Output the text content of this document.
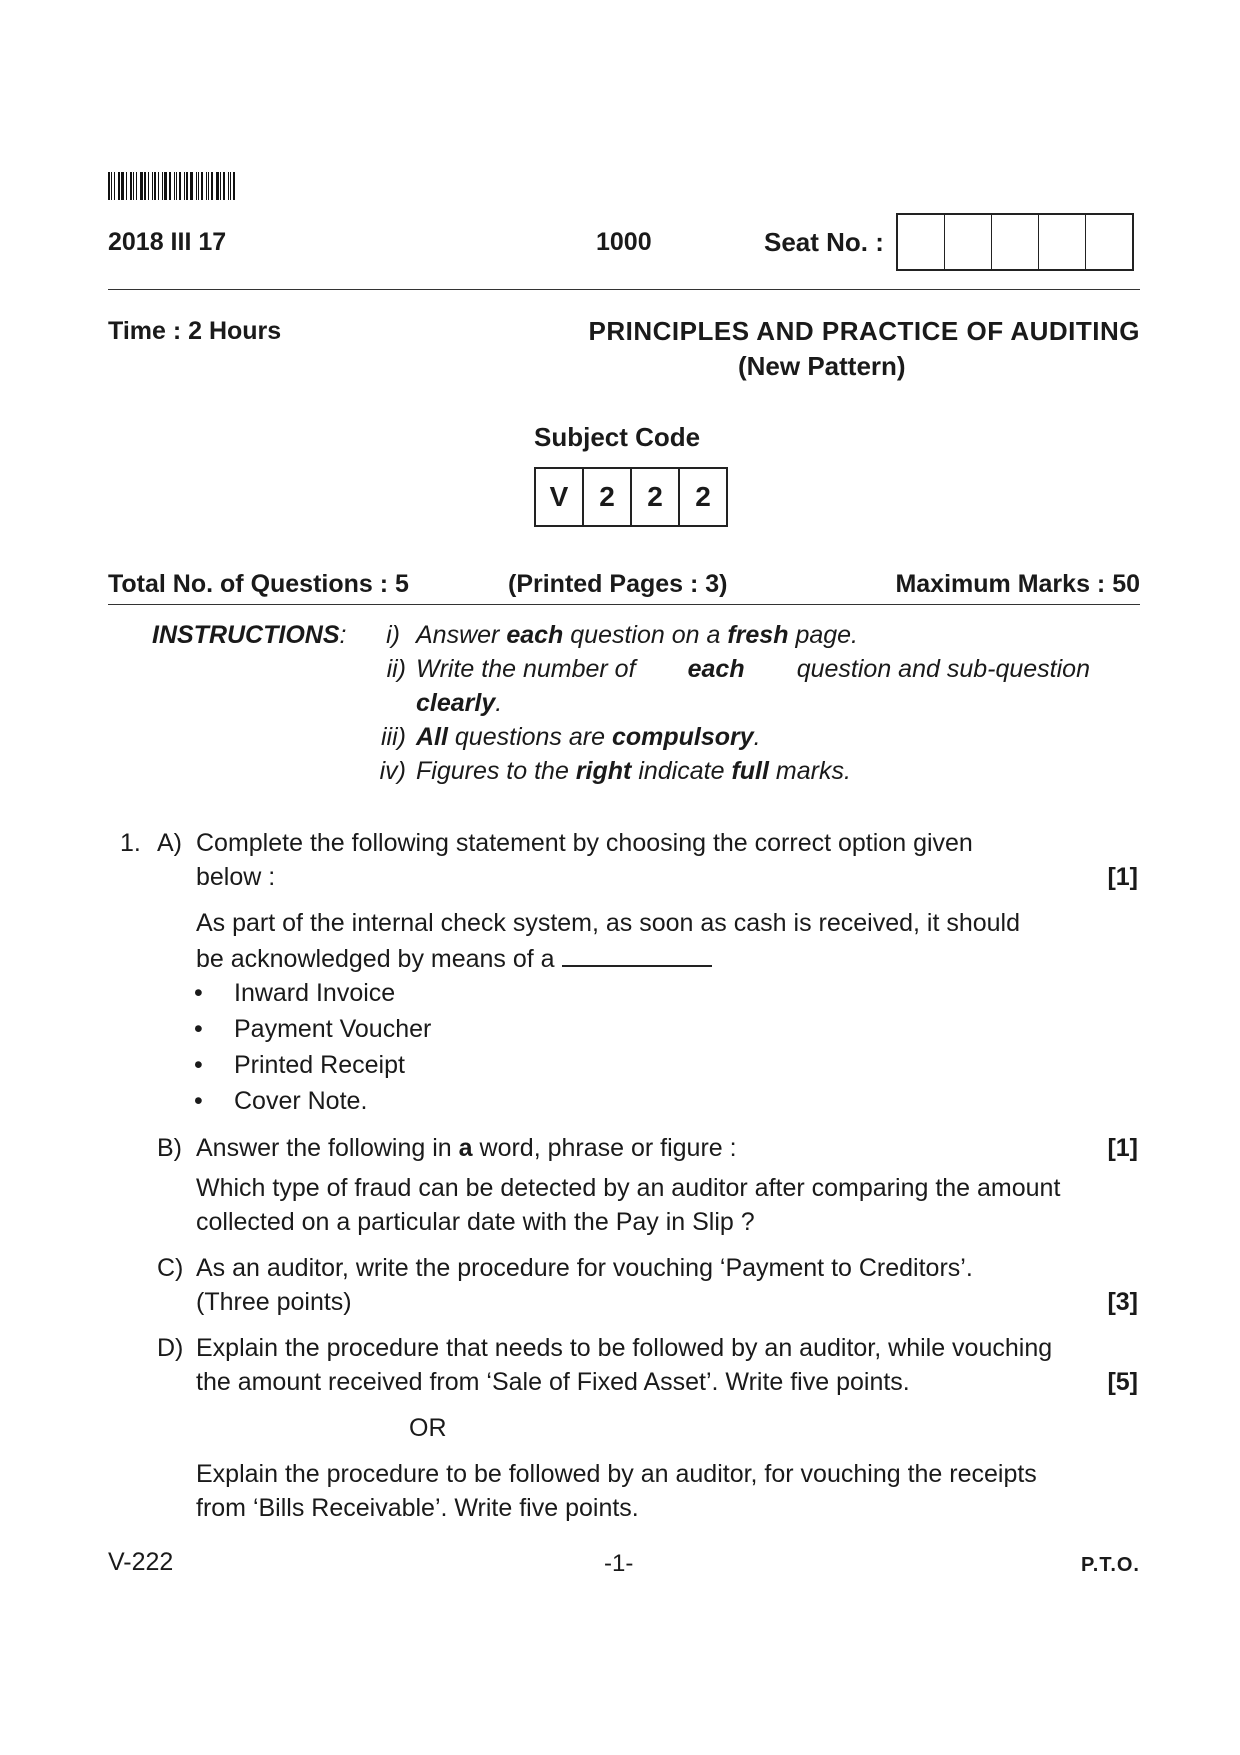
2018 III 17	1000	Seat No. :
Time : 2 Hours	PRINCIPLES AND PRACTICE OF AUDITING
(New Pattern)
Subject Code
V	2	2	2
Total No. of Questions : 5	(Printed Pages : 3)	Maximum Marks : 50
INSTRUCTIONS:	i) Answer each question on a fresh page.
ii) Write the number of each question and sub-question
clearly.
iii) All questions are compulsory.
iv) Figures to the right indicate full marks.
1. A) Complete the following statement by choosing the correct option given
below :	[1]
As part of the internal check system, as soon as cash is received, it should
be acknowledged by means of a
• Inward Invoice
• Payment Voucher
• Printed Receipt
• Cover Note.
B) Answer the following in a word, phrase or figure :	[1]
Which type of fraud can be detected by an auditor after comparing the amount
collected on a particular date with the Pay in Slip ?
C) As an auditor, write the procedure for vouching ‘Payment to Creditors’.
(Three points)	[3]
D) Explain the procedure that needs to be followed by an auditor, while vouching
the amount received from ‘Sale of Fixed Asset’. Write five points.	[5]
OR
Explain the procedure to be followed by an auditor, for vouching the receipts
from ‘Bills Receivable’. Write five points.
V-222	-1-	P.T.O.
